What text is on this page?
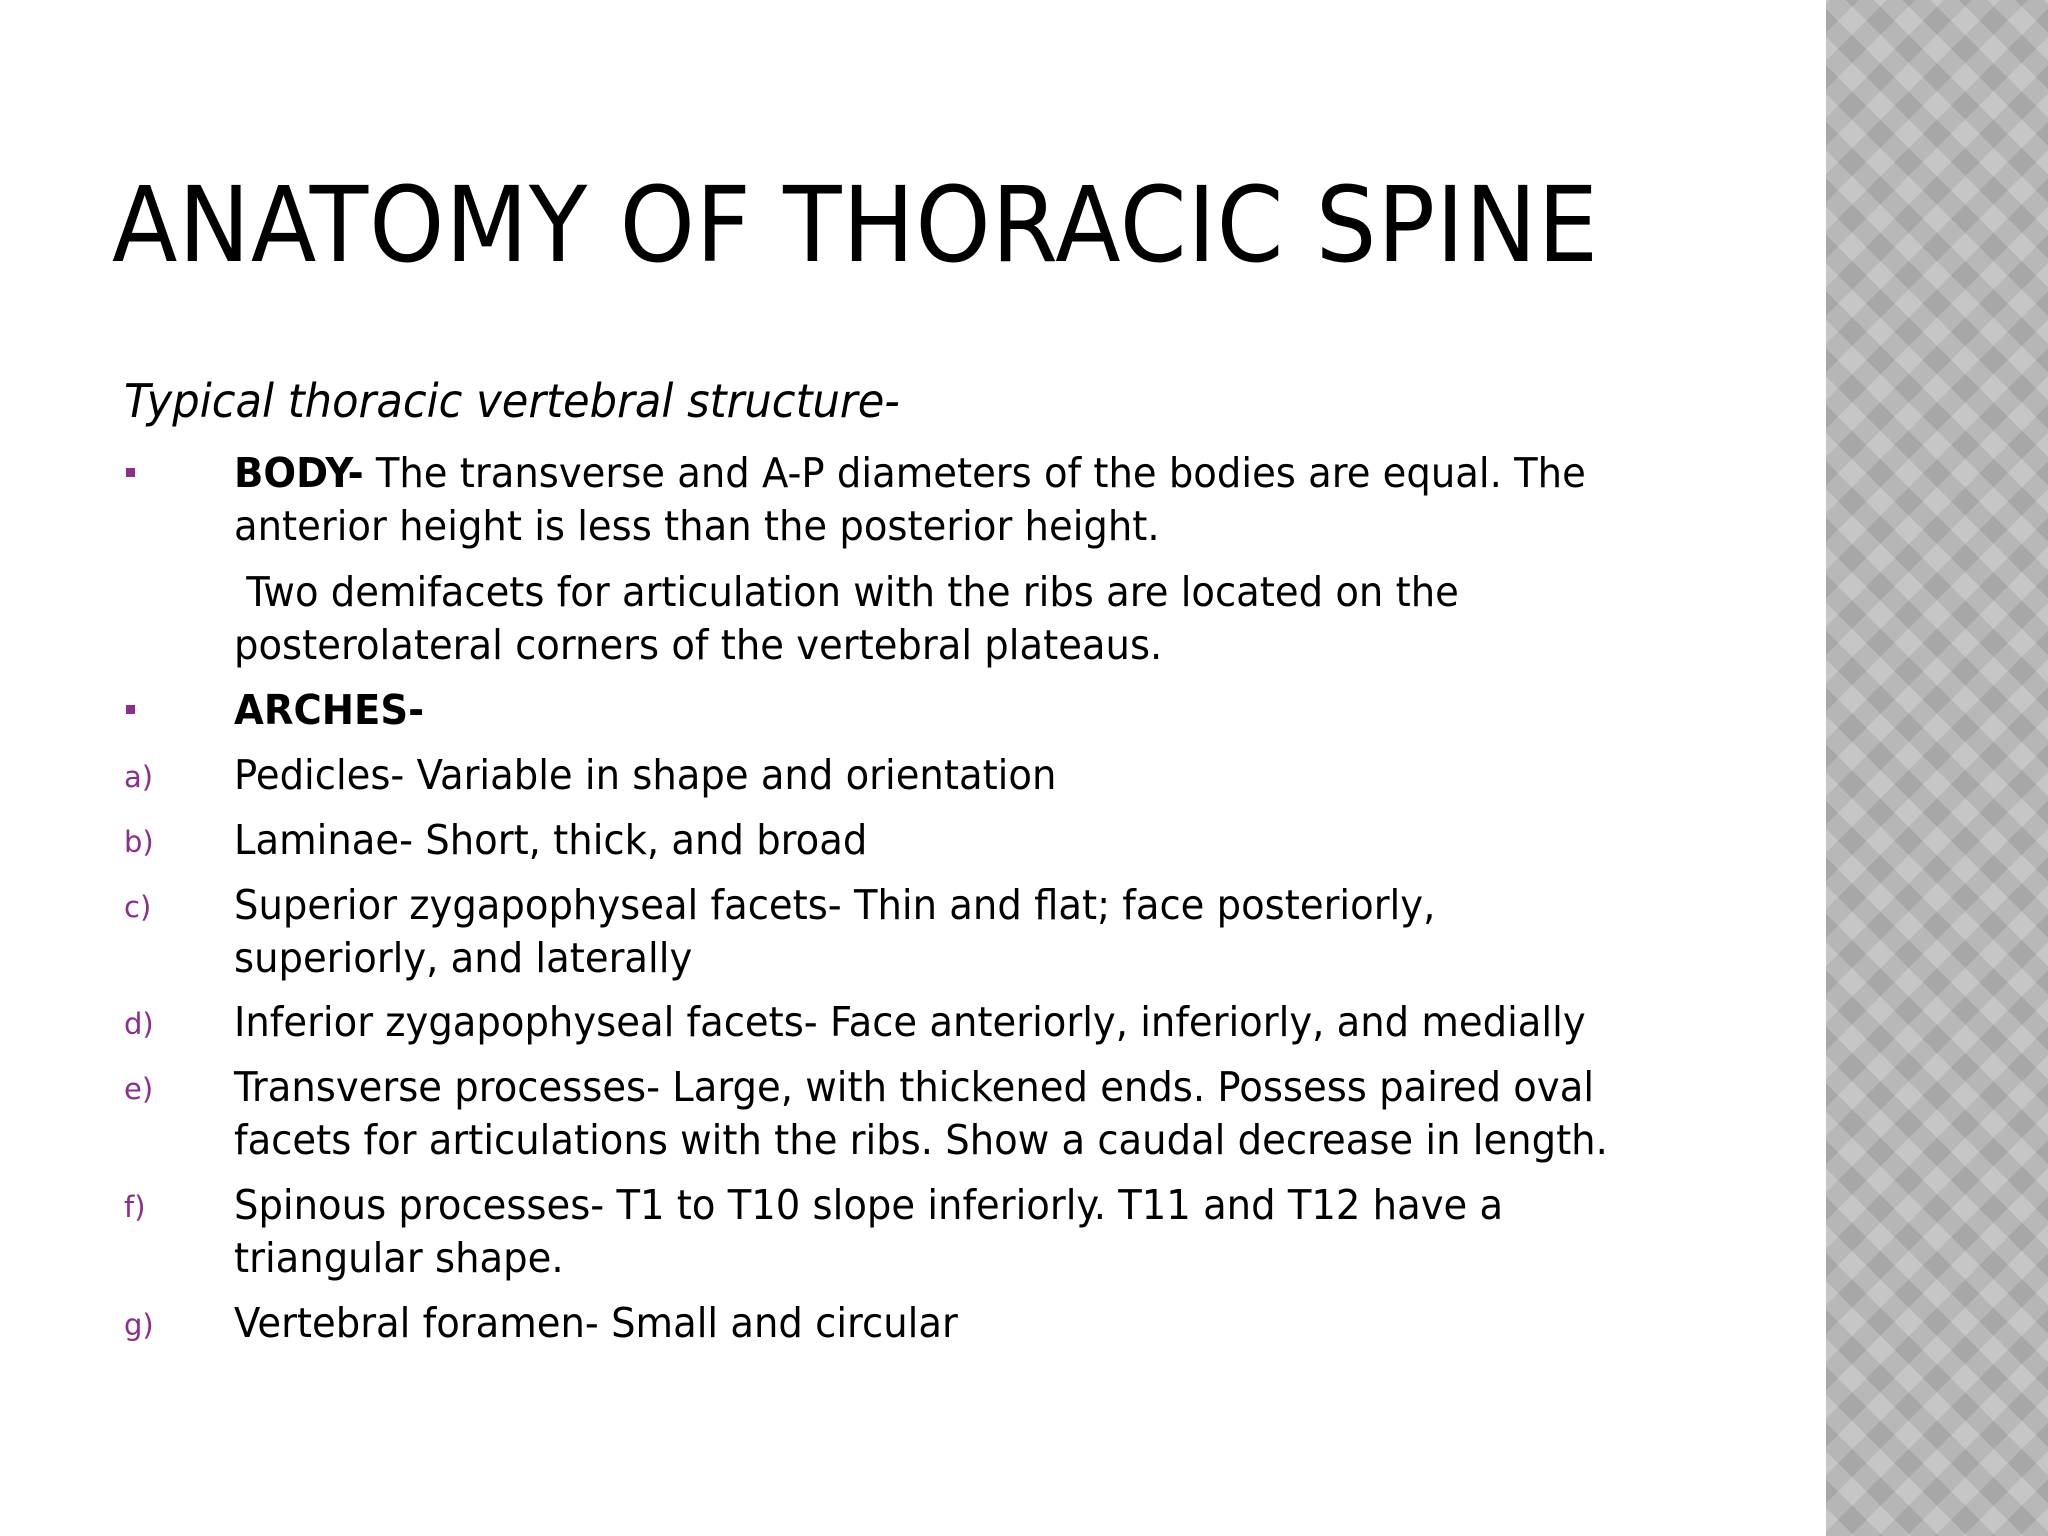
ANATOMY OF THORACIC SPINE
Typical thoracic vertebral structure-
BODY- The transverse and A-P diameters of the bodies are equal. The anterior height is less than the posterior height.
Two demifacets for articulation with the ribs are located on the posterolateral corners of the vertebral plateaus.
ARCHES-
a) Pedicles- Variable in shape and orientation
b) Laminae- Short, thick, and broad
c) Superior zygapophyseal facets- Thin and flat; face posteriorly, superiorly, and laterally
d) Inferior zygapophyseal facets- Face anteriorly, inferiorly, and medially
e) Transverse processes- Large, with thickened ends. Possess paired oval facets for articulations with the ribs. Show a caudal decrease in length.
f) Spinous processes- T1 to T10 slope inferiorly. T11 and T12 have a triangular shape.
g) Vertebral foramen- Small and circular
